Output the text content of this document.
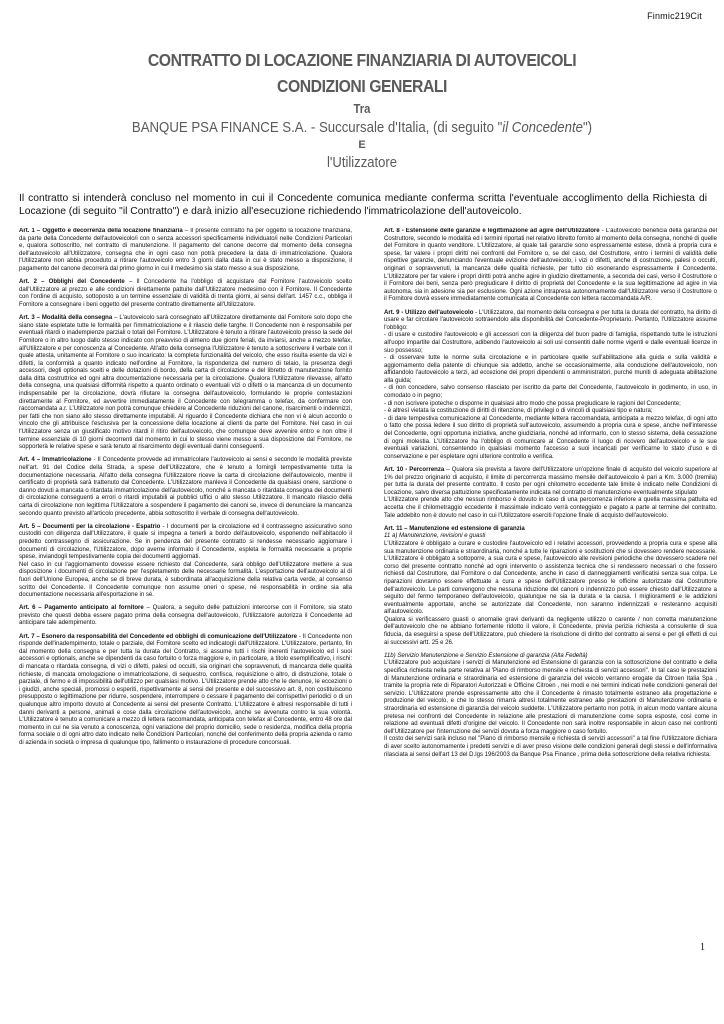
Finmic219Cit
CONTRATTO DI LOCAZIONE FINANZIARIA DI AUTOVEICOLI
CONDIZIONI GENERALI
Tra
BANQUE PSA FINANCE S.A. - Succursale d'Italia, (di seguito "il Concedente")
E
l'Utilizzatore
Il contratto si intenderà concluso nel momento in cui il Concedente comunica mediante conferma scritta l'eventuale accoglimento della Richiesta di Locazione (di seguito "il Contratto") e darà inizio all'esecuzione richiedendo l'immatricolazione dell'autoveicolo.

Art. 1 – Oggetto e decorrenza della locazione finanziaria – Il presente contratto ha per oggetto la locazione finanziaria, da parte della Concedente dell'autoveicolo/i con o senza accessori specificamente individuato/i nelle Condizioni Particolari e, qualora sottoscritto, nel contratto di manutenzione. Il pagamento del canone decorre dal momento della consegna dell'autoveicolo all'Utilizzatore, consegna che in ogni caso non potrà precedere la data di immatricolazione. Qualora l'Utilizzatore non abbia proceduto a ritirare l'autoveicolo entro 3 giorni dalla data in cui è stato messo a disposizione, il pagamento del canone decorrerà dal primo giorno in cui il medesimo sia stato messo a sua disposizione.

Art. 2 – Obblighi del Concedente – Il Concedente ha l'obbligo di acquistare dal Fornitore l'autoveicolo scelto dall'Utilizzatore al prezzo e alle condizioni direttamente pattuite dall'Utilizzatore medesimo con il Fornitore. Il Concedente con l'ordine di acquisto, sottoposto a un termine essenziale di validità di trenta giorni, ai sensi dell'art. 1457 c.c., obbliga il Fornitore a consegnare i beni oggetto del presente contratto direttamente all'Utilizzatore.

Art. 3 – Modalità della consegna – L'autoveicolo sarà consegnato all'Utilizzatore direttamente dal Fornitore solo dopo che siano state espletate tutte le formalità per l'immatricolazione e il rilascio delle targhe. Il Concedente non è responsabile per eventuali ritardi o inadempienze parziali o totali del Fornitore. L'Utilizzatore è tenuto a ritirare l'autoveicolo presso la sede del Fornitore o in altro luogo dallo stesso indicato con preavviso di almeno due giorni feriali, da inviarsi, anche a mezzo telefax, all'Utilizzatore e per conoscenza al Concedente. All'atto della consegna l'Utilizzatore è tenuto a sottoscrivere il verbale con il quale attesta, unitamente al Fornitore o suo incaricato: la completa funzionalità del veicolo, che esso risulta esente da vizi e difetti, la conformità a quanto indicato nell'ordine al Fornitore, la rispondenza del numero di telaio, la presenza degli accessori, degli optionals scelti e delle dotazioni di bordo, della carta di circolazione e del libretto di manutenzione fornito dalla ditta costruttrice ed ogni altra documentazione necessaria per la circolazione. Qualora l'Utilizzatore rilevasse, all'atto della consegna, una qualsiasi difformità rispetto a quanto ordinato o eventuali vizi o difetti o la mancanza di un documento indispensabile per la circolazione, dovrà rifiutare la consegna dell'autoveicolo, formulando le proprie contestazioni direttamente al Fornitore, ed avvertire immediatamente il Concedente con telegramma o telefax, da confermare con raccomandata a.r. L'Utilizzatore non potrà comunque chiedere al Concedente riduzioni del canone, risarcimenti o indennizzi, per fatti che non siano allo stesso direttamente imputabili. Al riguardo il Concedente dichiara che non vi è alcun accordo o vincolo che gli attribuisce l'esclusiva per la concessione della locazione ai clienti da parte del Fornitore. Nel caso in cui l'Utilizzatore senza un giustificato motivo ritardi il ritiro dell'autoveicolo, che comunque deve avvenire entro e non oltre il termine essenziale di 10 giorni decorrenti dal momento in cui lo stesso viene messo a sua disposizione dal Fornitore, ne sopporterà le relative spese e sarà tenuto al risarcimento degli eventuali danni conseguenti.

Art. 4 – Immatricolazione - Il Concedente provvede ad immatricolare l'autoveicolo ai sensi e secondo le modalità previste nell'art. 91 del Codice della Strada, a spese dell'Utilizzatore, che è tenuto a fornirgli tempestivamente tutta la documentazione necessaria. All'atto della consegna l'Utilizzatore riceve la carta di circolazione dell'autoveicolo, mentre il certificato di proprietà sarà trattenuto dal Concedente. L'Utilizzatore manleva il Concedente da qualsiasi onere, sanzione o danno dovuti a mancata o ritardata immatricolazione dell'autoveicolo, nonché a mancata o ritardata consegna dei documenti di circolazione conseguenti a errori o ritardi imputabili ai pubblici uffici o allo stesso Utilizzatore. Il mancato rilascio della carta di circolazione non legittima l'Utilizzatore a sospendere il pagamento dei canoni se, invece di denunciare la mancanza secondo quanto previsto all'articolo precedente, abbia sottoscritto il verbale di consegna dell'autoveicolo.

Art. 5 – Documenti per la circolazione - Espatrio - I documenti per la circolazione ed il contrassegno assicurativo sono custoditi con diligenza dall'Utilizzatore, il quale si impegna a tenerli a bordo dell'autoveicolo, esponendo nell'abitacolo il predetto contrassegno di assicurazione. Se in pendenza del presente contratto si rendesse necessario aggiornare i documenti di circolazione, l'Utilizzatore, dopo averne informato il Concedente, espleta le formalità necessarie a proprie spese, inviandogli tempestivamente copia dei documenti aggiornati.

Nel caso in cui l'aggiornamento dovesse essere richiesto dal Concedente, sarà obbligo dell'Utilizzatore mettere a sua disposizione i documenti di circolazione per l'espletamento delle necessarie formalità. L'esportazione dell'autoveicolo al di fuori dell'Unione Europea, anche se di breve durata, è subordinata all'acquisizione della relativa carta verde, al consenso scritto del Concedente. Il Concedente comunque non assume oneri o spese, né responsabilità in ordine sia alla documentazione necessaria all'esportazione in sé.

Art. 6 – Pagamento anticipato al fornitore – Qualora, a seguito delle pattuizioni intercorse con il Fornitore, sia stato previsto che questi debba essere pagato prima della consegna dell'autoveicolo, l'Utilizzatore autorizza il Concedente ad anticipare tale adempimento.

Art. 7 – Esonero da responsabilità del Concedente ed obblighi di comunicazione dell'Utilizzatore - Il Concedente non risponde dell'inadempimento, totale o parziale, del Fornitore scelto ed indicatogli dall'Utilizzatore. L'Utilizzatore, pertanto, fin dal momento della consegna e per tutta la durata del Contratto, si assume tutti i rischi inerenti l'autoveicolo ed i suoi accessori e optionals, anche se dipendenti da caso fortuito o forza maggiore e, in particolare, a titolo esemplificativo, i rischi: di mancata o ritardata consegna, di vizi o difetti, palesi od occulti, sia originari che sopravvenuti, di mancanza delle qualità richieste, di mancata omologazione o immatricolazione, di sequestro, confisca, requisizione o altro, di distruzione, totale o parziale, di fermo e di impossibilità dell'utilizzo per qualsiasi motivo. L'Utilizzatore prende atto che le denunce, le eccezioni o i giudizi, anche speciali, promossi o esperiti, rispettivamente ai sensi del presente e del successivo art. 8, non costituiscono presupposto o legittimazione per ridurre, sospendere, interrompere o cessare il pagamento dei corrispettivi periodici o di un qualunque altro importo dovuto al Concedente ai sensi del presente Contratto. L'Utilizzatore è altresì responsabile di tutti i danni derivanti a persone, animali e cose dalla circolazione dell'autoveicolo, anche se avvenuta contro la sua volontà. L'Utilizzatore è tenuto a comunicare a mezzo di lettera raccomandata, anticipata con telefax al Concedente, entro 48 ore dal momento in cui ne sia venuto a conoscenza, ogni variazione del proprio domicilio, sede o residenza, modifica della propria forma sociale o di ogni altro dato indicato nelle Condizioni Particolari, nonché del conferimento della propria azienda o ramo di azienda in società o impresa di qualunque tipo, fallimento o instaurazione di procedure concorsuali.

Art. 8 - Estensione delle garanzie e legittimazione ad agire dell'Utilizzatore - L'autoveicolo beneficia della garanzia del Costruttore, secondo le modalità ed i termini riportati nel relativo libretto fornito al momento della consegna, nonché di quelle del Fornitore in quanto venditore. L'Utilizzatore, al quale tali garanzie sono espressamente estese, dovrà a propria cura e spese, far valere i propri diritti nei confronti del Fornitore o, se del caso, del Costruttore, entro i termini di validità delle rispettive garanzie, denunciando l'eventuale evizione dell'autoveicolo, i vizi o difetti, anche di costruzione, palesi o occulti, originari o sopravvenuti, la mancanza delle qualità richieste, per tutto ciò esonerando espressamente il Concedente. L'Utilizzatore per far valere i propri diritti potrà anche agire in giudizio direttamente, a seconda dei casi, verso il Costruttore o il Fornitore dei beni, senza però pregiudicare il diritto di proprietà del Concedente e la sua legittimazione ad agire in via autonoma, sia in adesione sia per esclusione. Ogni azione intrapresa autonomamente dall'Utilizzatore verso il Costruttore o il Fornitore dovrà essere immediatamente comunicata al Concedente con lettera raccomandata A/R.

Art. 9 - Utilizzo dell'autoveicolo - L'Utilizzatore, dal momento della consegna e per tutta la durata del contratto, ha diritto di usare e far circolare l'autoveicolo sottraendolo alla disponibilità del Concedente-Proprietario. Pertanto, l'Utilizzatore assume l'obbligo:

- di usare e custodire l'autoveicolo e gli accessori con la diligenza del buon padre di famiglia, rispettando tutte le istruzioni all'uopo impartite dal Costruttore, adibendo l'autoveicolo ai soli usi consentiti dalle norme vigenti e dalle eventuali licenze in suo possesso;

- di osservare tutte le norme sulla circolazione e in particolare quelle sull'abilitazione alla guida e sulla validità e aggiornamento della patente di chiunque sia addetto, anche se occasionalmente, alla conduzione dell'autoveicolo, non affidandolo l'autoveicolo a terzi, ad eccezione dei propri dipendenti o amministratori, purché muniti di adeguata abilitazione alla guida;

- di non concedere, salvo consenso rilasciato per iscritto da parte del Concedente, l'autoveicolo in godimento, in uso, in comodato o in pegno;

- di non iscrivere ipoteche o disporne in qualsiasi altro modo che possa pregiudicare le ragioni del Concedente;

- è altresì vietata la costituzione di diritti di ritenzione, di privilegi o di vincoli di qualsiasi tipo e natura;

- di dare tempestiva comunicazione al Concedente, mediante lettera raccomandata, anticipata a mezzo telefax, di ogni atto o fatto che possa ledere il suo diritto di proprietà sull'autoveicolo, assumendo a propria cura e spese, anche nell'interesse del Concedente, ogni opportuna iniziativa, anche giudiziaria, nonché ad informarlo, con lo stesso sistema, della cessazione di ogni molestia. L'Utilizzatore ha l'obbligo di comunicare al Concedente il luogo di ricovero dell'autoveicolo e le sue eventuali variazioni, consentendo in qualsiasi momento l'accesso a suoi incaricati per verificarne lo stato d'uso e di conservazione e per espletare ogni ulteriore controllo e verifica.

Art. 10 - Percorrenza – Qualora sia prevista a favore dell'Utilizzatore un'opzione finale di acquisto del veicolo superiore al 1% del prezzo originario di acquisto, il limite di percorrenza massimo mensile dell'autoveicolo è pari a Km. 3.000 (tremila) per tutta la durata del presente contratto. Il costo per ogni chilometro eccedente tale limite è indicato nelle Condizioni di Locazione, salvo diversa pattuizione specificatamente indicata nel contratto di manutenzione eventualmente stipulato

L'Utilizzatore prende atto che nessun rimborso è dovuto in caso di una percorrenza inferiore a quella massima pattuita ed accetta che il chilometraggio eccedente il massimale indicato verrà conteggiato e pagato a parte al termine del contratto. Tale addebito non è dovuto nel caso in cui l'Utilizzatore eserciti l'opzione finale di acquisto dell'autoveicolo.

Art. 11 – Manutenzione ed estensione di garanzia

11 a) Manutenzione, revisioni e guasti
L'Utilizzatore è obbligato a curare e custodire l'autoveicolo ed i relativi accessori, provvedendo a propria cura e spese alla sua manutenzione ordinaria e straordinaria, nonché a tutte le riparazioni e sostituzioni che si dovessero rendere necessarie. L'Utilizzatore è obbligato a sottoporre, a sua cura e spese, l'autoveicolo alle revisioni periodiche che dovessero scadere nel corso del presente contratto nonché ad ogni intervento o assistenza tecnica che si rendessero necessari o che fossero richiesti dal Costruttore, dal Fornitore o dal Concedente, anche in caso di danneggiamenti verificatisi senza sua colpa. Le riparazioni dovranno essere effettuate a cura e spese dell'Utilizzatore presso le officine autorizzate dal Costruttore dell'autoveicolo. Le parti convengono che nessuna riduzione del canoni o indennizzo può essere chiesto dall'Utilizzatore a seguito del fermo temporaneo dell'autoveicolo, qualunque ne sia la durata e la causa. I miglioramenti e le addizioni eventualmente apportate, anche se autorizzate dal Concedente, non saranno indennizzati e resteranno acquisiti all'autoveicolo.

Qualora si verificassero guasti o anomalie gravi derivanti da negligente utilizzo o carente / non corretta manutenzione dell'autoveicolo che ne abbiano fortemente ridotto il valore, il Concedente, previa perizia richiesta a consulente di sua fiducia, da eseguirsi a spese dell'Utilizzatore, può chiedere la risoluzione di diritto del contratto ai sensi e per gli effetti di cui ai successivi artt. 25 e 26.

11b) Servizio Manutenzione e Servizio Estensione di garanzia (Alta Fedeltà)
L'Utilizzatore può acquistare i servizi di Manutenzione ed Estensione di garanzia con la sottoscrizione del contratto e della specifica richiesta nella parte relativa al 'Piano di rimborso mensile e richiesta di servizi accessori''. In tal caso le prestazioni di Manutenzione ordinaria e straordinaria ed estensione di garanzia del veicolo verranno erogate da Citroen Italia Spa , tramite la propria rete di Riparatori Autorizzati e Officine Citroen , nei modi e nei termini indicati nelle condizioni generali del servizio. L'Utilizzatore prende espressamente atto che il Concedente è rimasto totalmente estraneo alla progettazione e produzione del veicolo, e che lo stesso rimarrà altresì totalmente estraneo alle prestazioni di Manutenzione ordinaria e straordinaria ed estensione di garanzia del veicolo suddette. L'Utilizzatore pertanto non potrà, in alcun modo vantare alcuna pretesa nei confronti del Concedente in relazione alle prestazioni di manutenzione come sopra esposte, così come in relazione ad eventuali difetti d'origine del veicolo. Il Concedente non sarà inoltre responsabile in alcun caso nei confronti dell'Utilizzatore per l'interruzione dei servizi dovuta a forza maggiore o caso fortuito.

Il costo dei servizi sarà incluso nel "Piano di rimborso mensile e richiesta di servizi accessori" a tal fine l'Utilizzatore dichiara di aver scelto autonomamente i predetti servizi e di aver preso visione delle condizioni generali degli stessi e dell'informativa rilasciata ai sensi dell'art 13 del D.lgs 196/2003 da Banque Psa Finance , prima della sottoscrizione della relativa richiesta.

1
